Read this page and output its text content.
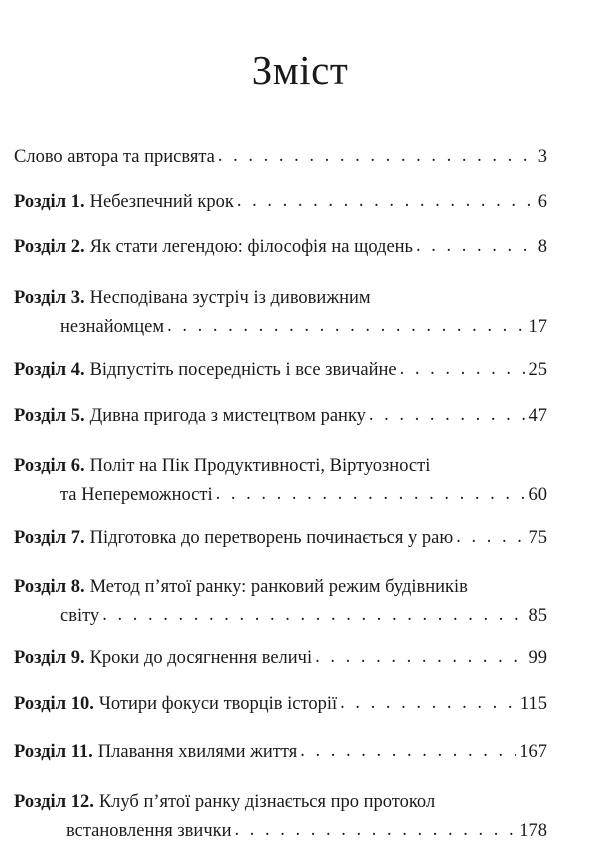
Зміст
Слово автора та присвята . . .	3
Розділ 1. Небезпечний крок . . .	6
Розділ 2. Як стати легендою: філософія на щодень . . .	8
Розділ 3. Несподівана зустріч із дивовижним
незнайомцем . . .	17
Розділ 4. Відпустіть посередність і все звичайне . . .	25
Розділ 5. Дивна пригода з мистецтвом ранку . . .	47
Розділ 6. Політ на Пік Продуктивності, Віртуозності
та Непереможності . . .	60
Розділ 7. Підготовка до перетворень починається у раю . . .	75
Розділ 8. Метод п’ятої ранку: ранковий режим будівників
світу . . .	85
Розділ 9. Кроки до досягнення величі . . .	99
Розділ 10. Чотири фокуси творців історії . . .	115
Розділ 11. Плавання хвилями життя . . .	167
Розділ 12. Клуб п’ятої ранку дізнається про протокол
встановлення звички . . .	178
